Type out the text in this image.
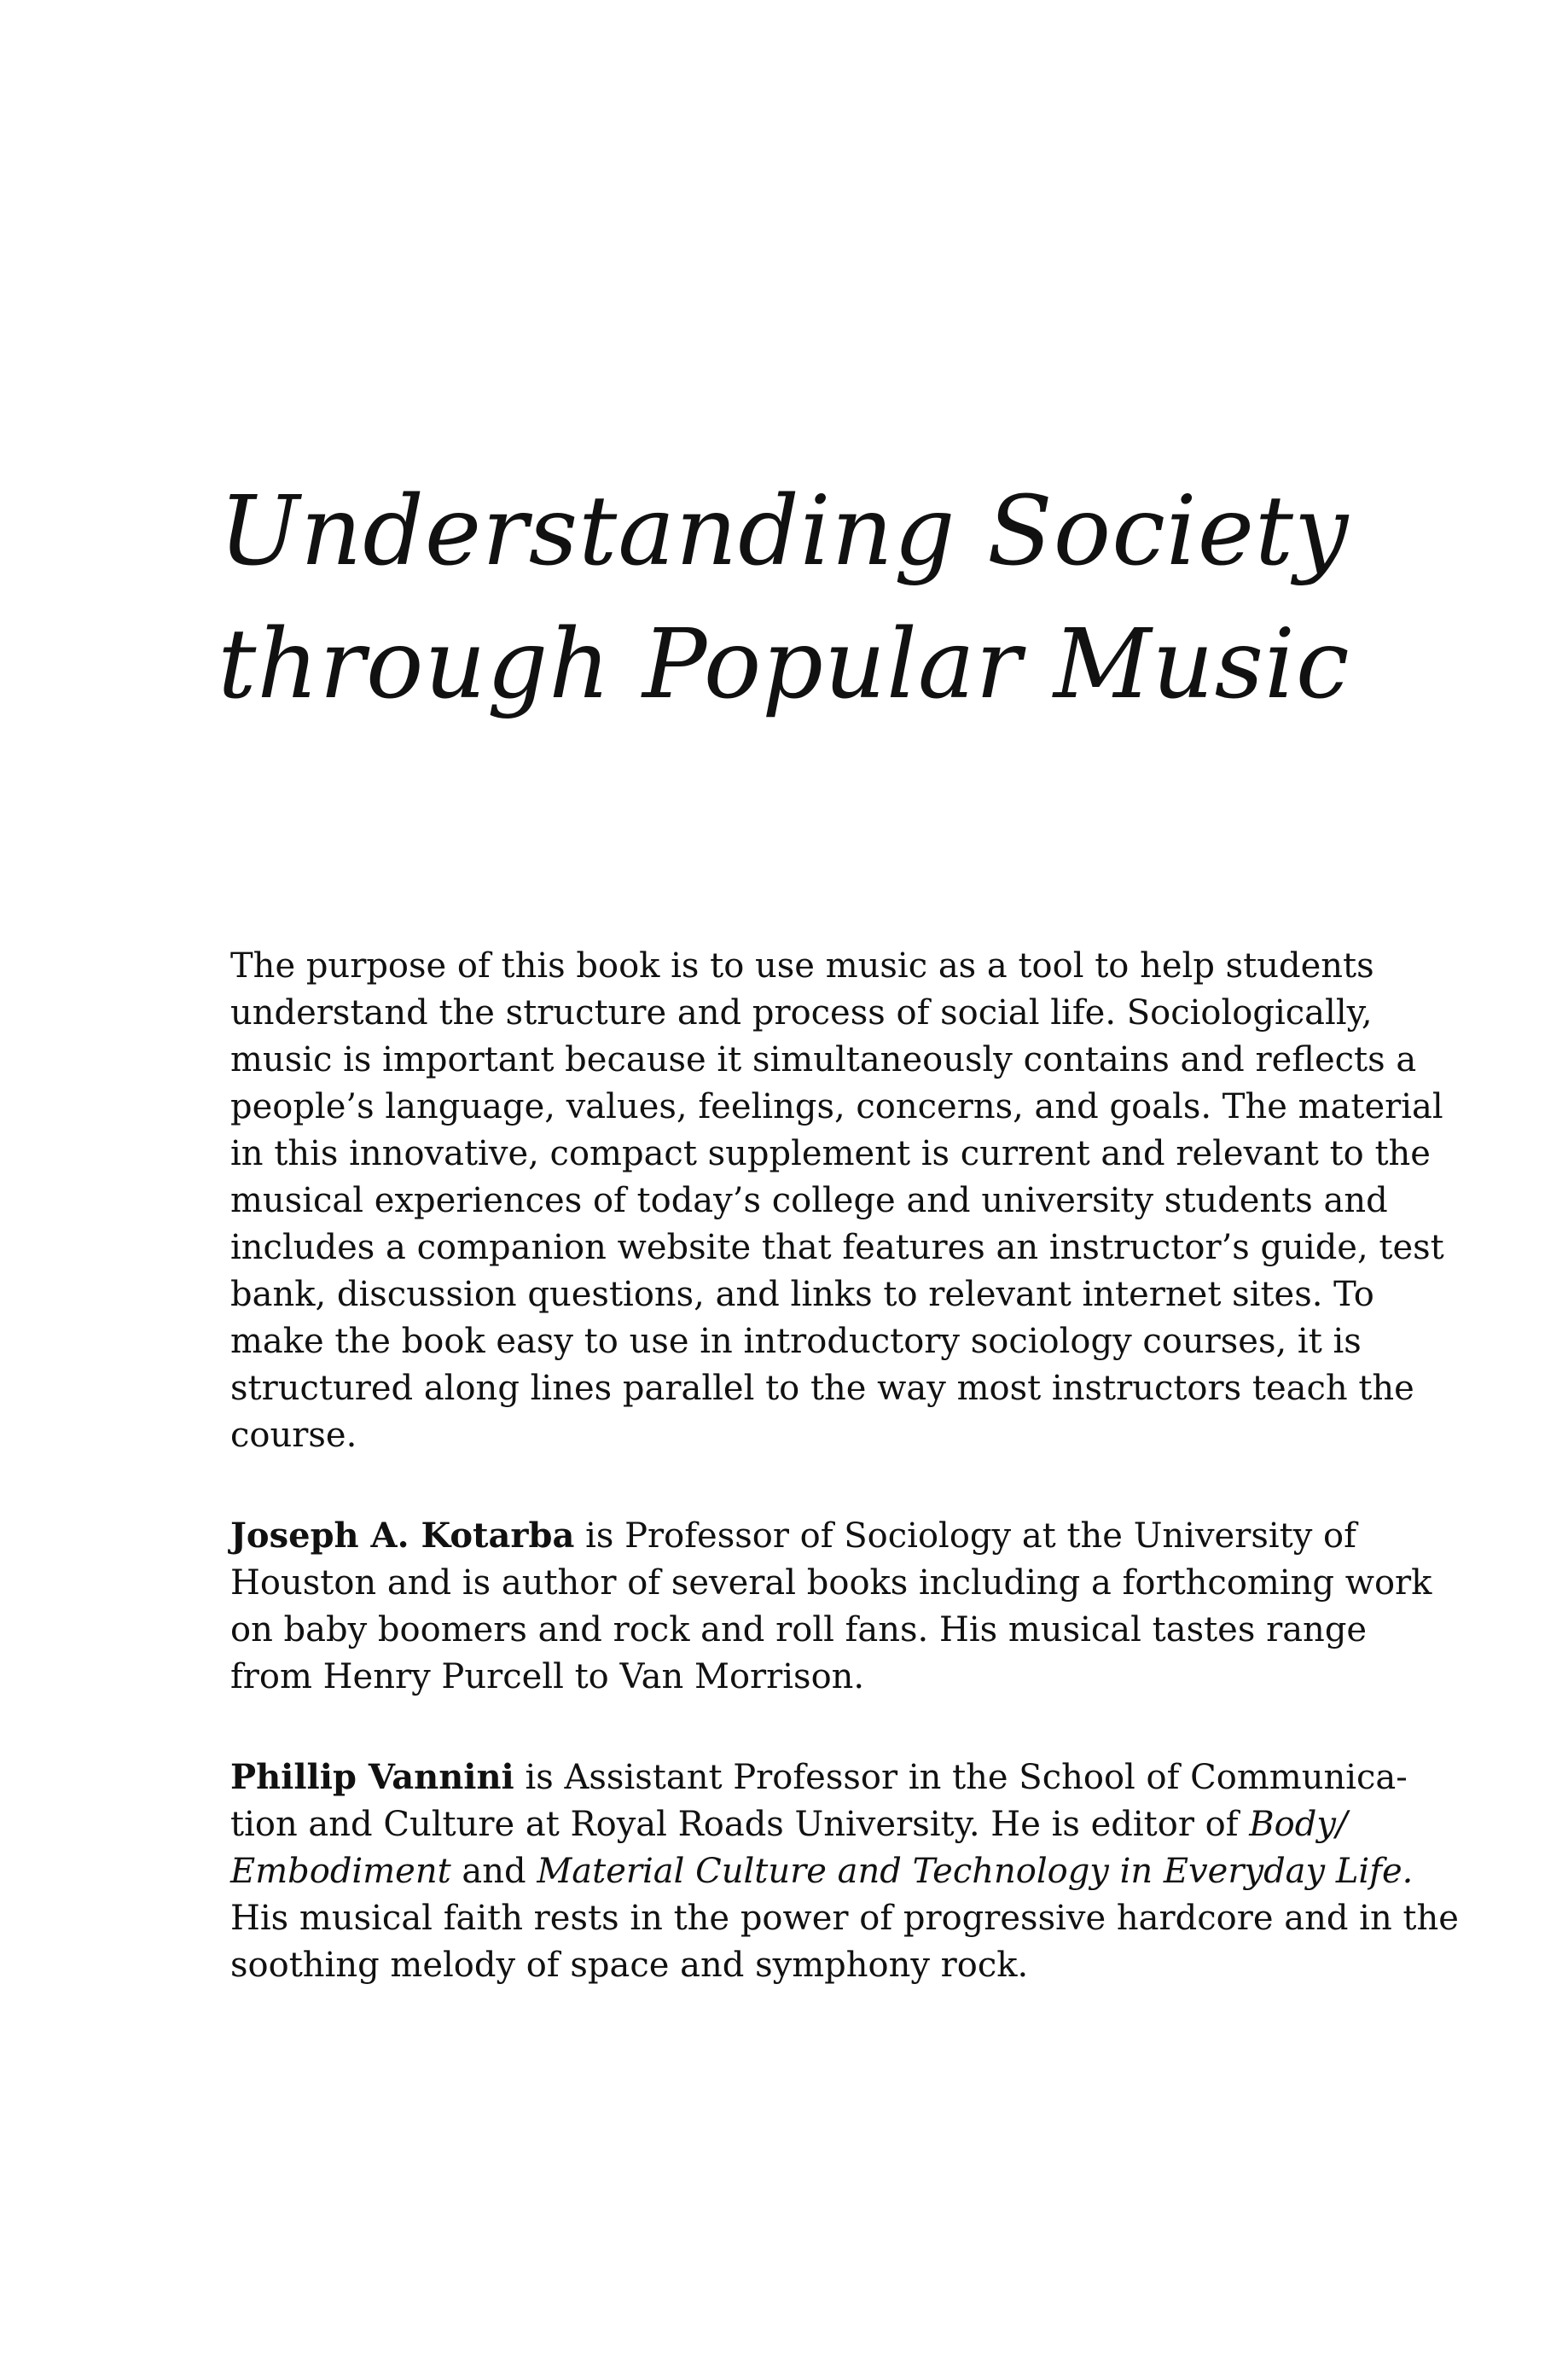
Understanding Society
through Popular Music

The purpose of this book is to use music as a tool to help students
understand the structure and process of social life. Sociologically,
music is important because it simultaneously contains and reflects a
people’s language, values, feelings, concerns, and goals. The material
in this innovative, compact supplement is current and relevant to the
musical experiences of today’s college and university students and
includes a companion website that features an instructor’s guide, test
bank, discussion questions, and links to relevant internet sites. To
make the book easy to use in introductory sociology courses, it is
structured along lines parallel to the way most instructors teach the
course.

Joseph A. Kotarba is Professor of Sociology at the University of
Houston and is author of several books including a forthcoming work
on baby boomers and rock and roll fans. His musical tastes range
from Henry Purcell to Van Morrison.

Phillip Vannini is Assistant Professor in the School of Communica-
tion and Culture at Royal Roads University. He is editor of Body/
Embodiment and Material Culture and Technology in Everyday Life.
His musical faith rests in the power of progressive hardcore and in the
soothing melody of space and symphony rock.
